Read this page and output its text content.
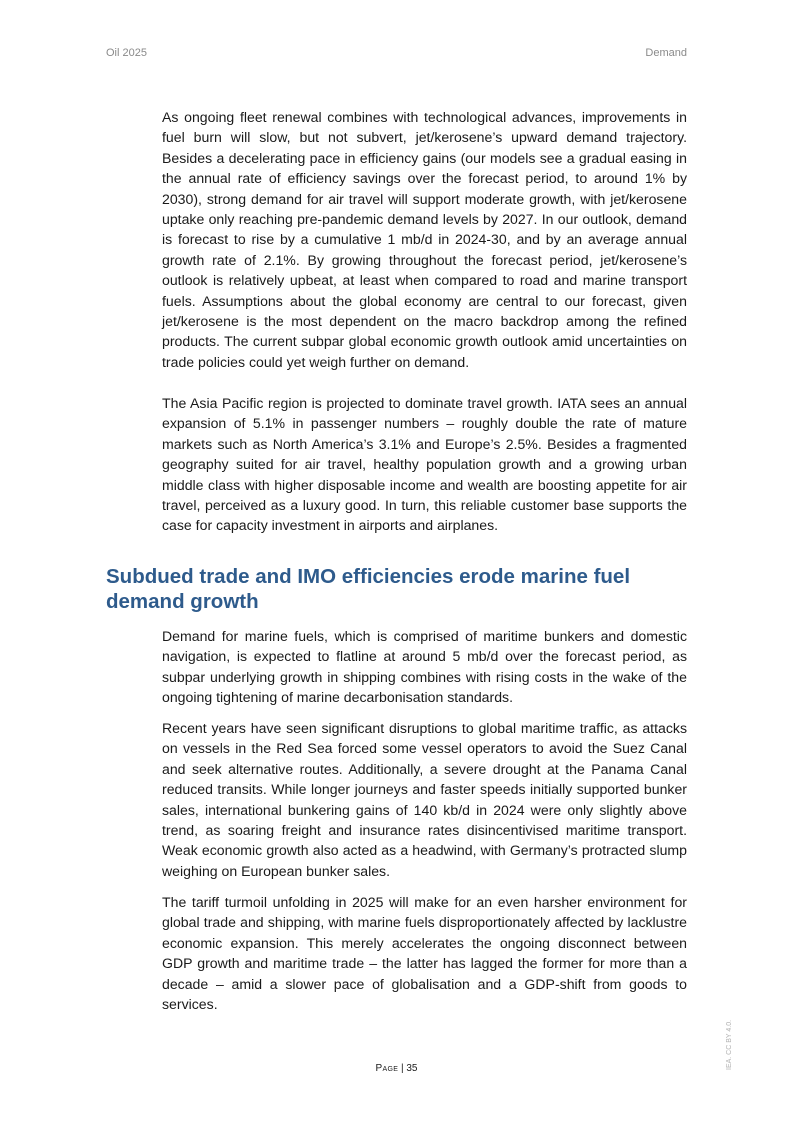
Oil 2025	Demand

As ongoing fleet renewal combines with technological advances, improvements in fuel burn will slow, but not subvert, jet/kerosene’s upward demand trajectory. Besides a decelerating pace in efficiency gains (our models see a gradual easing in the annual rate of efficiency savings over the forecast period, to around 1% by 2030), strong demand for air travel will support moderate growth, with jet/kerosene uptake only reaching pre-pandemic demand levels by 2027. In our outlook, demand is forecast to rise by a cumulative 1 mb/d in 2024-30, and by an average annual growth rate of 2.1%. By growing throughout the forecast period, jet/kerosene’s outlook is relatively upbeat, at least when compared to road and marine transport fuels. Assumptions about the global economy are central to our forecast, given jet/kerosene is the most dependent on the macro backdrop among the refined products. The current subpar global economic growth outlook amid uncertainties on trade policies could yet weigh further on demand.

The Asia Pacific region is projected to dominate travel growth. IATA sees an annual expansion of 5.1% in passenger numbers – roughly double the rate of mature markets such as North America’s 3.1% and Europe’s 2.5%. Besides a fragmented geography suited for air travel, healthy population growth and a growing urban middle class with higher disposable income and wealth are boosting appetite for air travel, perceived as a luxury good. In turn, this reliable customer base supports the case for capacity investment in airports and airplanes.

Subdued trade and IMO efficiencies erode marine fuel demand growth

Demand for marine fuels, which is comprised of maritime bunkers and domestic navigation, is expected to flatline at around 5 mb/d over the forecast period, as subpar underlying growth in shipping combines with rising costs in the wake of the ongoing tightening of marine decarbonisation standards.

Recent years have seen significant disruptions to global maritime traffic, as attacks on vessels in the Red Sea forced some vessel operators to avoid the Suez Canal and seek alternative routes. Additionally, a severe drought at the Panama Canal reduced transits. While longer journeys and faster speeds initially supported bunker sales, international bunkering gains of 140 kb/d in 2024 were only slightly above trend, as soaring freight and insurance rates disincentivised maritime transport. Weak economic growth also acted as a headwind, with Germany’s protracted slump weighing on European bunker sales.

The tariff turmoil unfolding in 2025 will make for an even harsher environment for global trade and shipping, with marine fuels disproportionately affected by lacklustre economic expansion. This merely accelerates the ongoing disconnect between GDP growth and maritime trade – the latter has lagged the former for more than a decade – amid a slower pace of globalisation and a GDP-shift from goods to services.

Page | 35	IEA. CC BY 4.0.
